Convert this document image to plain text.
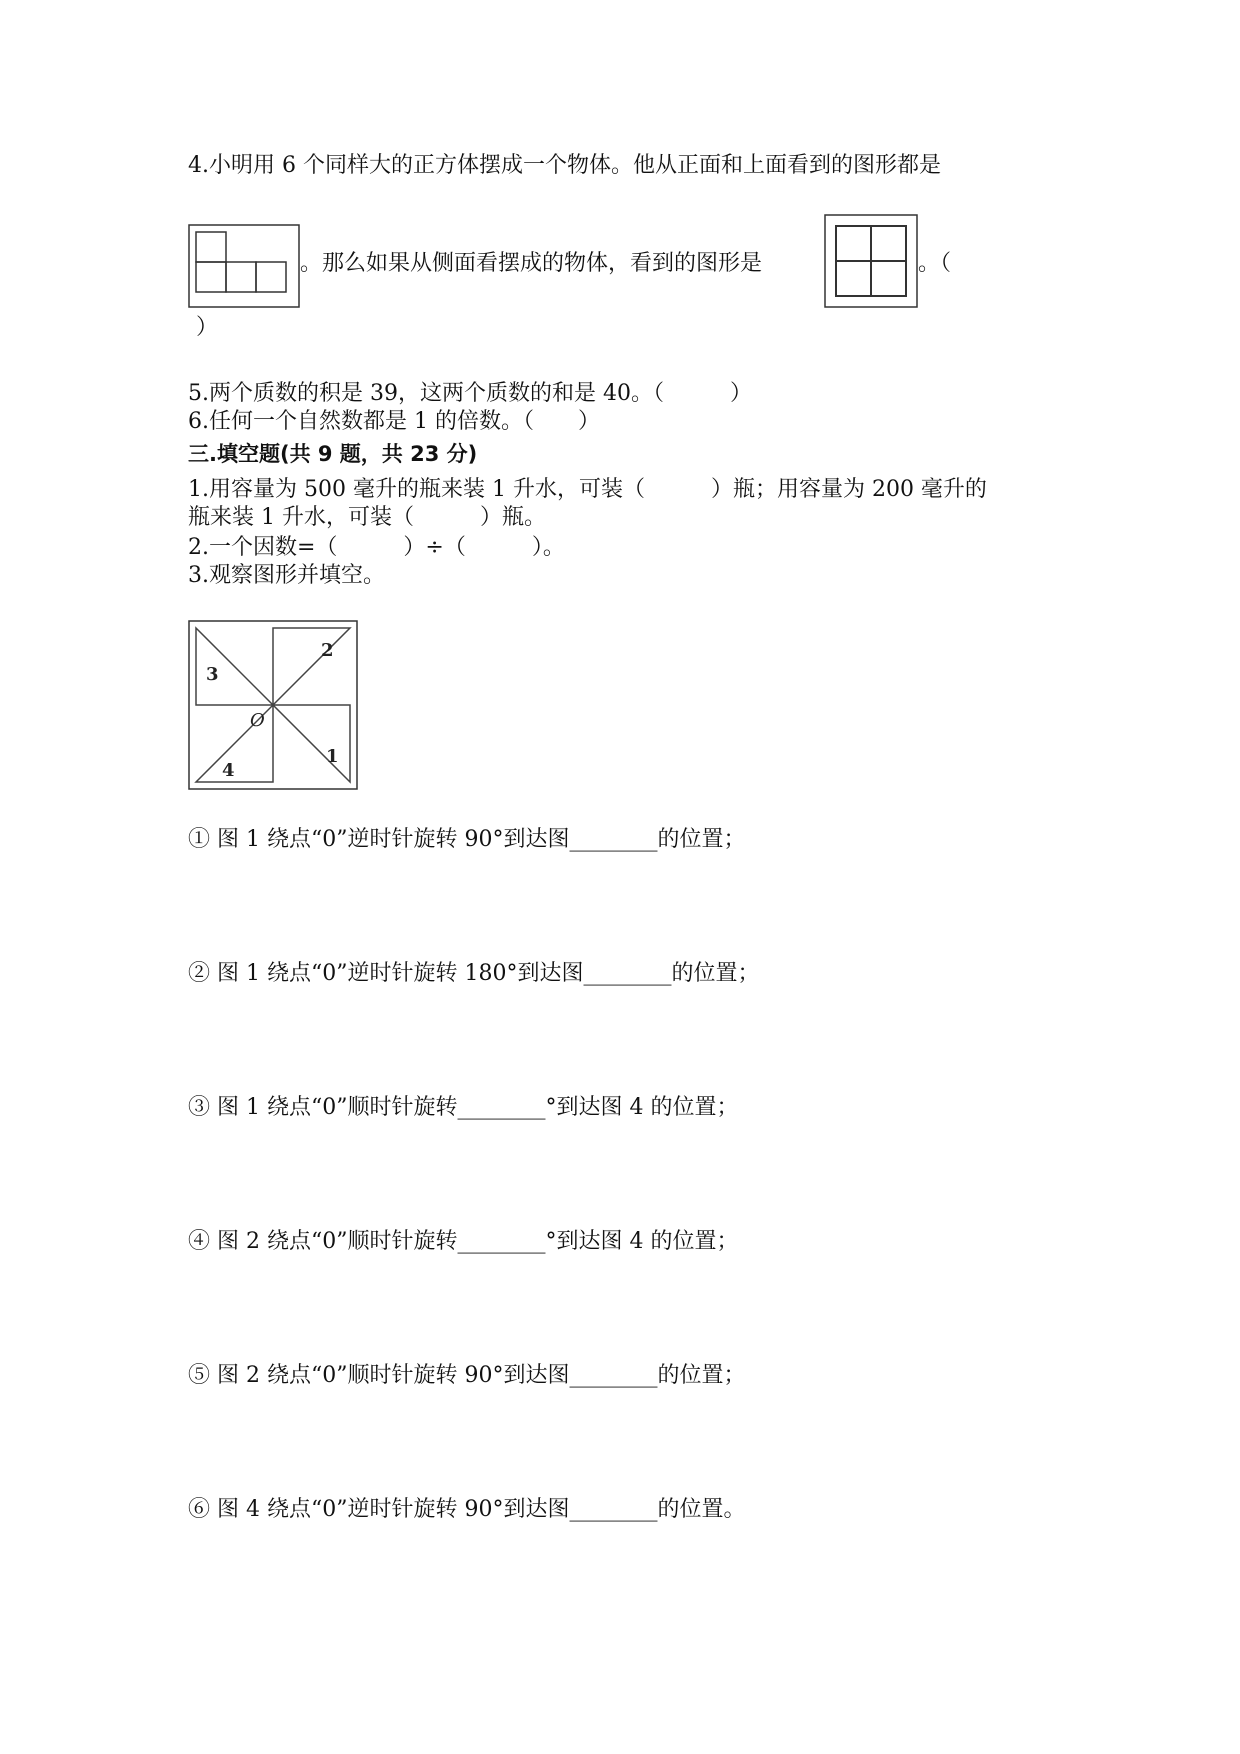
4.小明用 6 个同样大的正方体摆成一个物体。他从正面和上面看到的图形都是
。那么如果从侧面看摆成的物体，看到的图形是	。（
）
5.两个质数的积是 39，这两个质数的和是 40。（　　　）
6.任何一个自然数都是 1 的倍数。（　　）
三.填空题(共 9 题，共 23 分)
1.用容量为 500 毫升的瓶来装 1 升水，可装（　　　）瓶；用容量为 200 毫升的
瓶来装 1 升水，可装（　　　）瓶。
2.一个因数=（　　　）÷（　　　）。
3.观察图形并填空。
2
3
1
4
O
① 图 1 绕点“0”逆时针旋转 90°到达图________的位置；
② 图 1 绕点“0”逆时针旋转 180°到达图________的位置；
③ 图 1 绕点“0”顺时针旋转________°到达图 4 的位置；
④ 图 2 绕点“0”顺时针旋转________°到达图 4 的位置；
⑤ 图 2 绕点“0”顺时针旋转 90°到达图________的位置；
⑥ 图 4 绕点“0”逆时针旋转 90°到达图________的位置。
